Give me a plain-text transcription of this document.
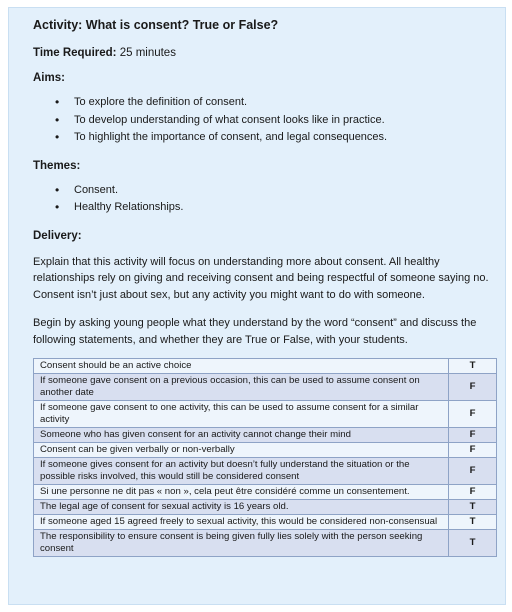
Activity: What is consent? True or False?
Time Required: 25 minutes
Aims:
• To explore the definition of consent.
• To develop understanding of what consent looks like in practice.
• To highlight the importance of consent, and legal consequences.
Themes:
• Consent.
• Healthy Relationships.
Delivery:

Explain that this activity will focus on understanding more about consent. All healthy relationships rely on giving and receiving consent and being respectful of someone saying no. Consent isn’t just about sex, but any activity you might want to do with someone.

Begin by asking young people what they understand by the word “consent” and discuss the following statements, and whether they are True or False, with your students.

Consent should be an active choice	T
If someone gave consent on a previous occasion, this can be used to assume consent on another date	F
If someone gave consent to one activity, this can be used to assume consent for a similar activity	F
Someone who has given consent for an activity cannot change their mind	F
Consent can be given verbally or non-verbally	F
If someone gives consent for an activity but doesn’t fully understand the situation or the possible risks involved, this would still be considered consent	F
Si une personne ne dit pas « non », cela peut être considéré comme un consentement.	F
The legal age of consent for sexual activity is 16 years old.	T
If someone aged 15 agreed freely to sexual activity, this would be considered non-consensual	T
The responsibility to ensure consent is being given fully lies solely with the person seeking consent	T
